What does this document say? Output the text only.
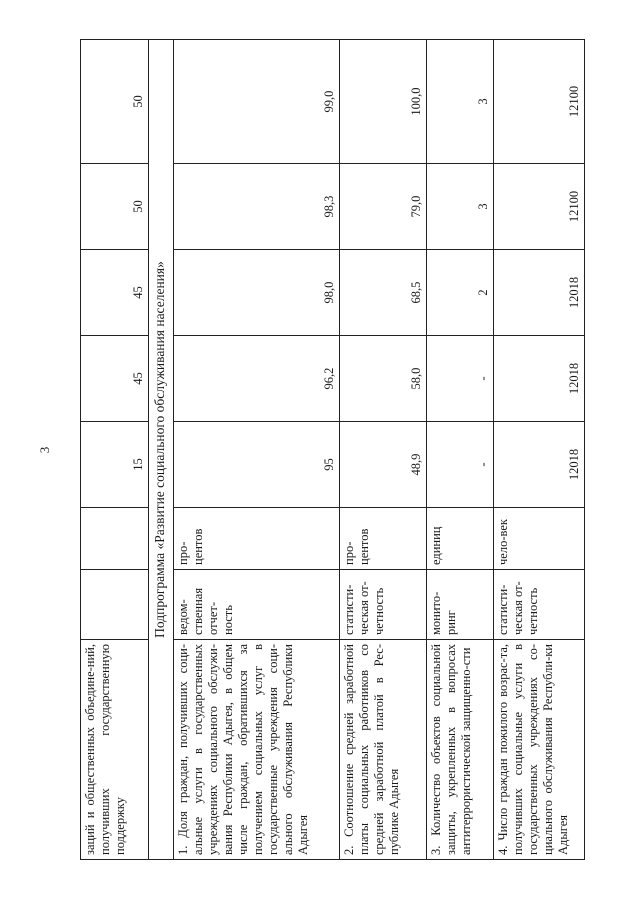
3
заций и общественных объедине-ний, получивших государственную поддержку			15	45	45	50	50
Подпрограмма «Развитие социального обслуживания населения»							
1. Доля граждан, получивших соци-альные услуги в государственных учреждениях социального обслужи-вания Республики Адыгея, в общем числе граждан, обратившихся за получением социальных услуг в государственные учреждения соци-ального обслуживания Республики Адыгея	ведом-ственная отчет-ность	про-центов	95	96,2	98,0	98,3	99,0
2. Соотношение средней заработной платы социальных работников со средней заработной платой в Рес-публике Адыгея	статисти-ческая от-четность	про-центов	48,9	58,0	68,5	79,0	100,0
3. Количество объектов социальной защиты, укрепленных в вопросах антитеррористической защищенно-сти	монито-ринг	единиц	-	-	2	3	3
4. Число граждан пожилого возрас-та, получивших социальные услуги в государственных учреждениях со-циального обслуживания Республи-ки Адыгея	статисти-ческая от-четность	чело-век	12018	12018	12018	12100	12100
